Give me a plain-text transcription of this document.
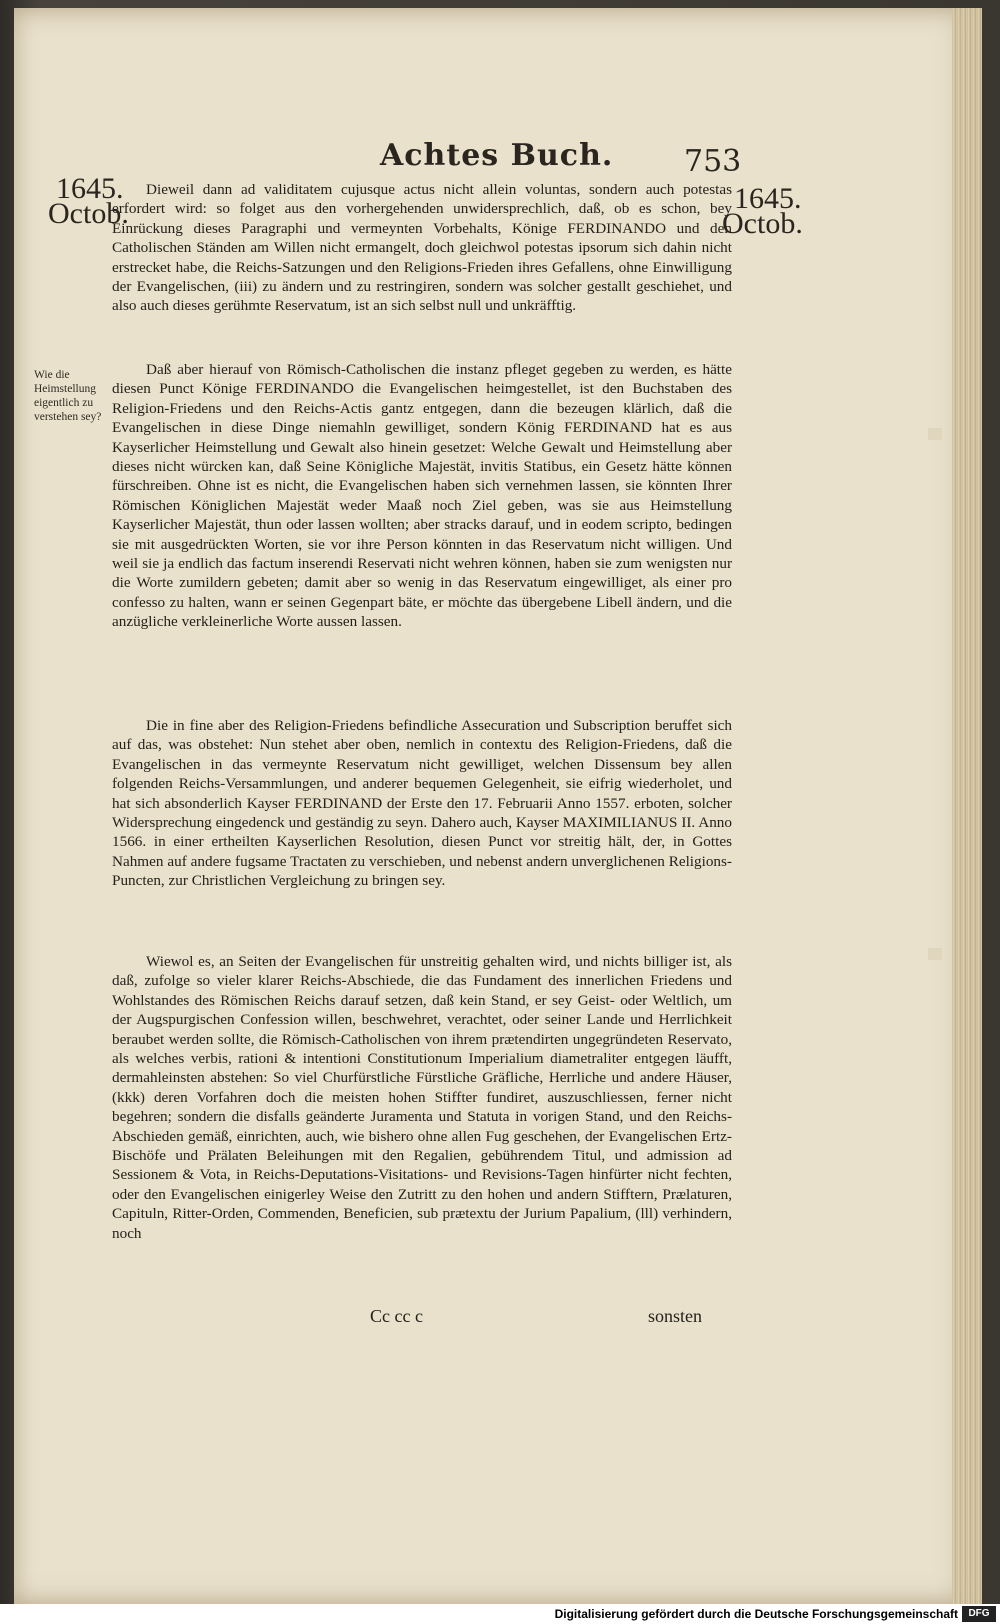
Achtes Buch. 753
1645.
Octob.	1645.
Octob.
Wie die Heimstellung eigentlich zu verstehen sey?

Dieweil dann ad validitatem cujusque actus nicht allein voluntas, sondern auch potestas erfordert wird: so folget aus den vorhergehenden unwidersprechlich, daß, ob es schon, bey Einrückung dieses Paragraphi und vermeynten Vorbehalts, Könige FERDINANDO und den Catholischen Ständen am Willen nicht ermangelt, doch gleichwol potestas ipsorum sich dahin nicht erstrecket habe, die Reichs-Satzungen und den Religions-Frieden ihres Gefallens, ohne Einwilligung der Evangelischen, (iii) zu ändern und zu restringiren, sondern was solcher gestallt geschiehet, und also auch dieses gerühmte Reservatum, ist an sich selbst null und unkräfftig.

Daß aber hierauf von Römisch-Catholischen die instanz pfleget gegeben zu werden, es hätte diesen Punct Könige FERDINANDO die Evangelischen heimgestellet, ist den Buchstaben des Religion-Friedens und den Reichs-Actis gantz entgegen, dann die bezeugen klärlich, daß die Evangelischen in diese Dinge niemahln gewilliget, sondern König FERDINAND hat es aus Kayserlicher Heimstellung und Gewalt also hinein gesetzet: Welche Gewalt und Heimstellung aber dieses nicht würcken kan, daß Seine Königliche Majestät, invitis Statibus, ein Gesetz hätte können fürschreiben. Ohne ist es nicht, die Evangelischen haben sich vernehmen lassen, sie könnten Ihrer Römischen Königlichen Majestät weder Maaß noch Ziel geben, was sie aus Heimstellung Kayserlicher Majestät, thun oder lassen wollten; aber stracks darauf, und in eodem scripto, bedingen sie mit ausgedrückten Worten, sie vor ihre Person könnten in das Reservatum nicht willigen. Und weil sie ja endlich das factum inserendi Reservati nicht wehren können, haben sie zum wenigsten nur die Worte zumildern gebeten; damit aber so wenig in das Reservatum eingewilliget, als einer pro confesso zu halten, wann er seinen Gegenpart bäte, er möchte das übergebene Libell ändern, und die anzügliche verkleinerliche Worte aussen lassen.

Die in fine aber des Religion-Friedens befindliche Assecuration und Subscription beruffet sich auf das, was obstehet: Nun stehet aber oben, nemlich in contextu des Religion-Friedens, daß die Evangelischen in das vermeynte Reservatum nicht gewilliget, welchen Dissensum bey allen folgenden Reichs-Versammlungen, und anderer bequemen Gelegenheit, sie eifrig wiederholet, und hat sich absonderlich Kayser FERDINAND der Erste den 17. Februarii Anno 1557. erboten, solcher Widersprechung eingedenck und geständig zu seyn. Dahero auch, Kayser MAXIMILIANUS II. Anno 1566. in einer ertheilten Kayserlichen Resolution, diesen Punct vor streitig hält, der, in Gottes Nahmen auf andere fugsame Tractaten zu verschieben, und nebenst andern unverglichenen Religions-Puncten, zur Christlichen Vergleichung zu bringen sey.

Wiewol es, an Seiten der Evangelischen für unstreitig gehalten wird, und nichts billiger ist, als daß, zufolge so vieler klarer Reichs-Abschiede, die das Fundament des innerlichen Friedens und Wohlstandes des Römischen Reichs darauf setzen, daß kein Stand, er sey Geist- oder Weltlich, um der Augspurgischen Confession willen, beschwehret, verachtet, oder seiner Lande und Herrlichkeit beraubet werden sollte, die Römisch-Catholischen von ihrem prætendirten ungegründeten Reservato, als welches verbis, rationi & intentioni Constitutionum Imperialium diametraliter entgegen läufft, dermahleinsten abstehen: So viel Churfürstliche Fürstliche Gräfliche, Herrliche und andere Häuser, (kkk) deren Vorfahren doch die meisten hohen Stiffter fundiret, auszuschliessen, ferner nicht begehren; sondern die disfalls geänderte Juramenta und Statuta in vorigen Stand, und den Reichs-Abschieden gemäß, einrichten, auch, wie bishero ohne allen Fug geschehen, der Evangelischen Ertz-Bischöfe und Prälaten Beleihungen mit den Regalien, gebührendem Titul, und admission ad Sessionem & Vota, in Reichs-Deputations-Visitations- und Revisions-Tagen hinfürter nicht fechten, oder den Evangelischen einigerley Weise den Zutritt zu den hohen und andern Stifftern, Prælaturen, Capituln, Ritter-Orden, Commenden, Beneficien, sub prætextu der Jurium Papalium, (lll) verhindern, noch

Cc cc c	sonsten
Digitalisierung gefördert durch die Deutsche Forschungsgemeinschaft	DFG
